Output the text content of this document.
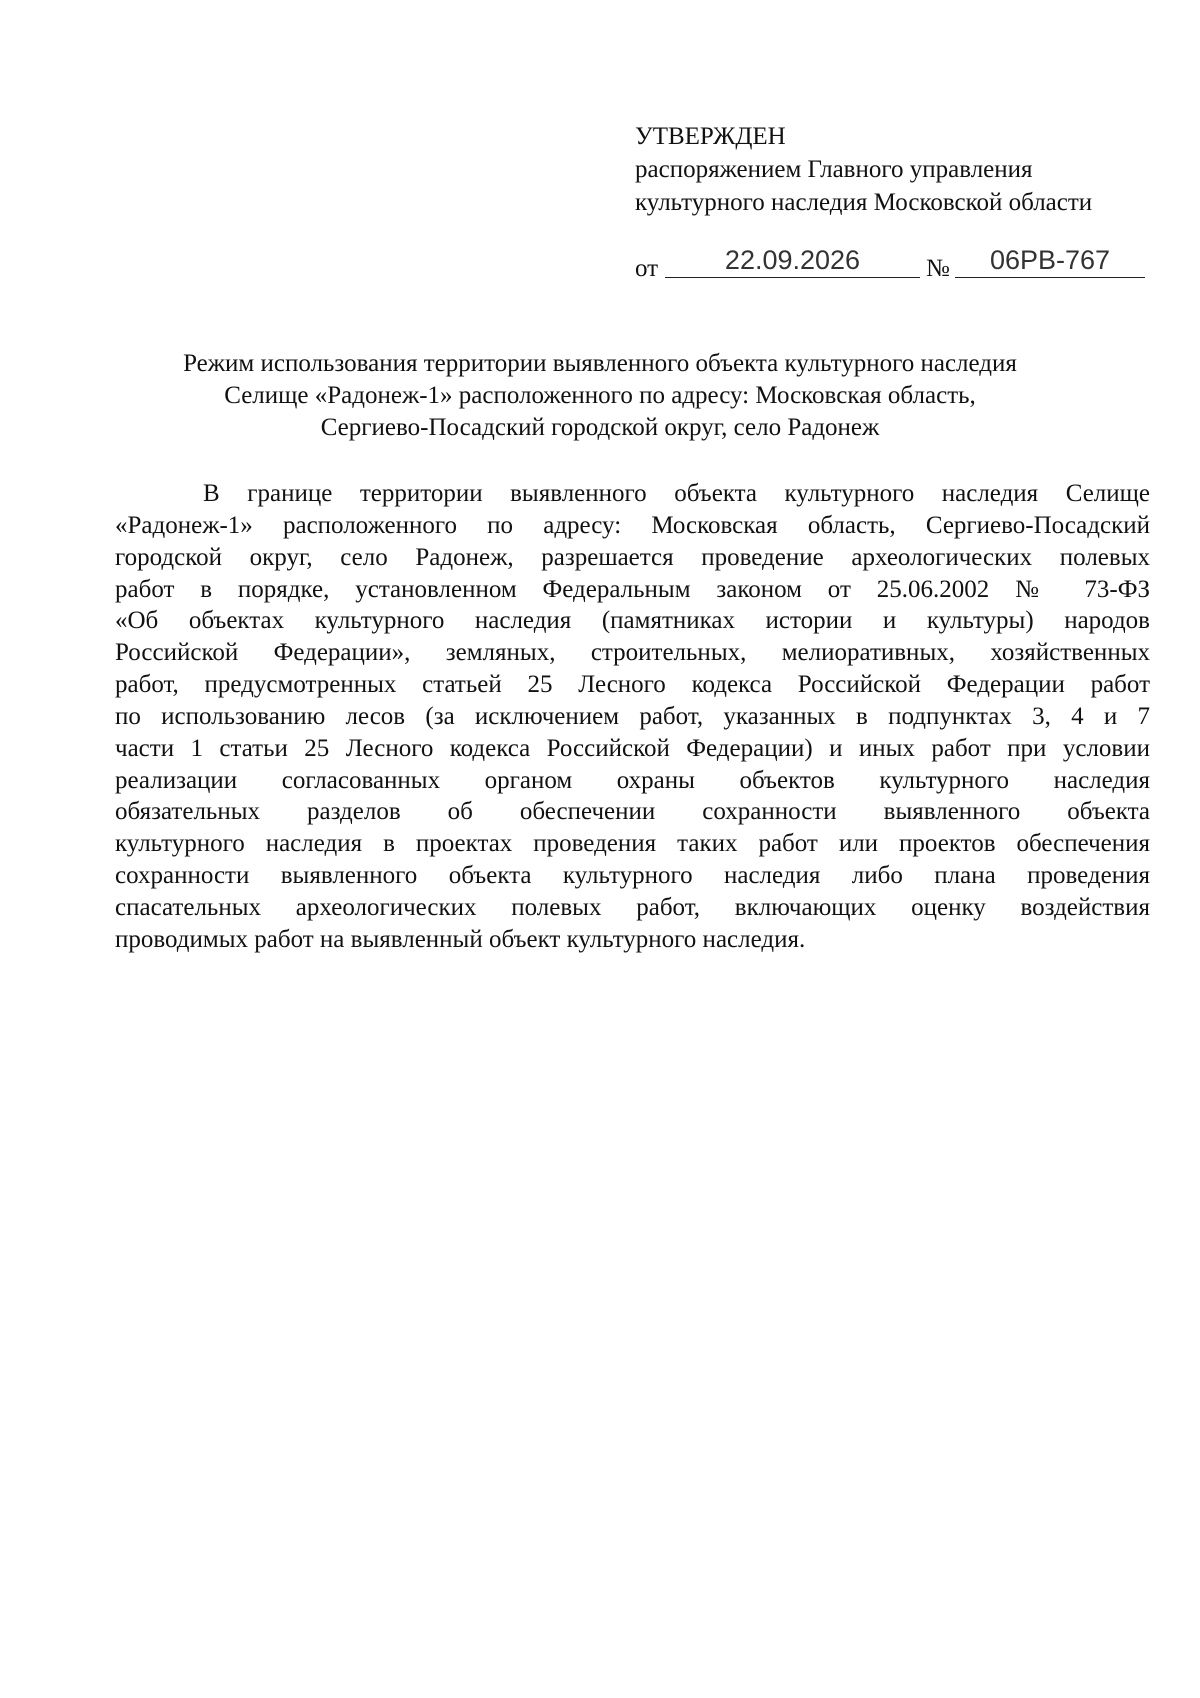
УТВЕРЖДЕН
распоряжением Главного управления
культурного наследия Московской области
от	22.09.2026	№	06РВ-767
Режим использования территории выявленного объекта культурного наследия
Селище «Радонеж-1» расположенного по адресу: Московская область,
Сергиево-Посадский городской округ, село Радонеж
В границе территории выявленного объекта культурного наследия Селище
«Радонеж-1» расположенного по адресу: Московская область, Сергиево-Посадский
городской округ, село Радонеж, разрешается проведение археологических полевых
работ в порядке, установленном Федеральным законом от 25.06.2002 № 73-ФЗ
«Об объектах культурного наследия (памятниках истории и культуры) народов
Российской Федерации», земляных, строительных, мелиоративных, хозяйственных
работ, предусмотренных статьей 25 Лесного кодекса Российской Федерации работ
по использованию лесов (за исключением работ, указанных в подпунктах 3, 4 и 7
части 1 статьи 25 Лесного кодекса Российской Федерации) и иных работ при условии
реализации согласованных органом охраны объектов культурного наследия
обязательных разделов об обеспечении сохранности выявленного объекта
культурного наследия в проектах проведения таких работ или проектов обеспечения
сохранности выявленного объекта культурного наследия либо плана проведения
спасательных археологических полевых работ, включающих оценку воздействия
проводимых работ на выявленный объект культурного наследия.
